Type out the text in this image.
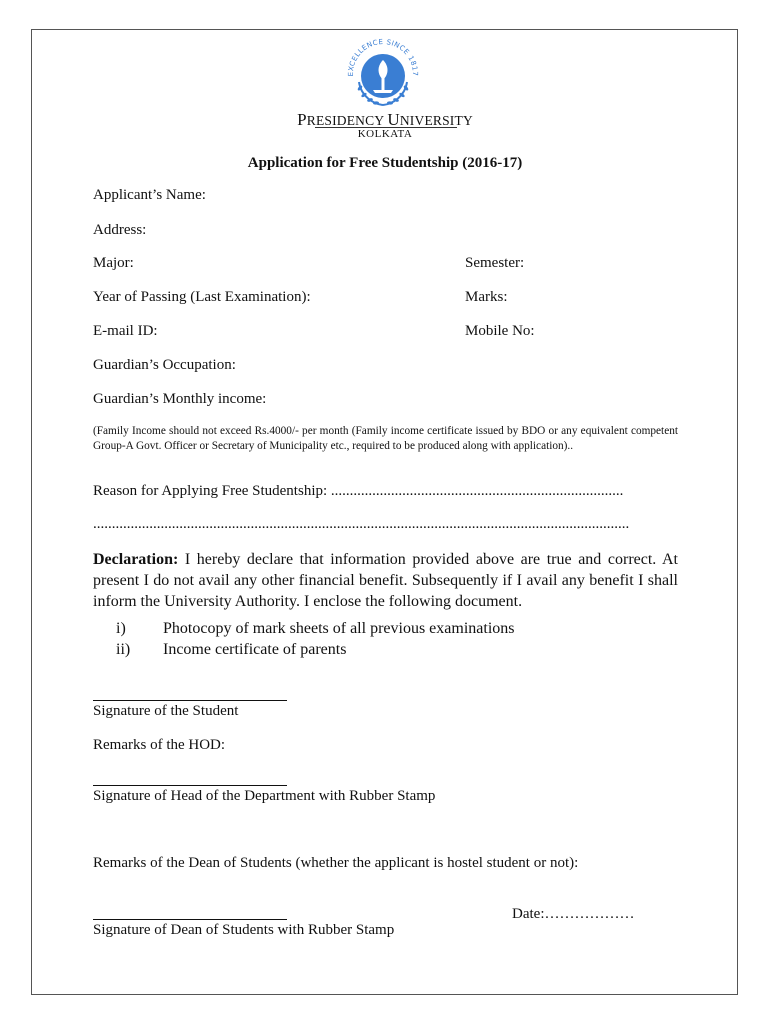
EXCELLENCE SINCE 1817
PRESIDENCY UNIVERSITY
KOLKATA
Application for Free Studentship (2016-17)
Applicant’s Name:
Address:
Major:	Semester:
Year of Passing (Last Examination):	Marks:
E-mail ID:	Mobile No:
Guardian’s Occupation:
Guardian’s Monthly income:
(Family Income should not exceed Rs.4000/- per month (Family income certificate issued by BDO or any equivalent competent Group-A Govt. Officer or Secretary of Municipality etc., required to be produced along with application)..
Reason for Applying Free Studentship: ..............................................................................
...............................................................................................................................................
Declaration: I hereby declare that information provided above are true and correct. At present I do not avail any other financial benefit. Subsequently if I avail any benefit I shall inform the University Authority. I enclose the following document.
i) Photocopy of mark sheets of all previous examinations
ii) Income certificate of parents
Signature of the Student
Remarks of the HOD:
Signature of Head of the Department with Rubber Stamp
Remarks of the Dean of Students (whether the applicant is hostel student or not):
Signature of Dean of Students with Rubber Stamp
Date:………………
